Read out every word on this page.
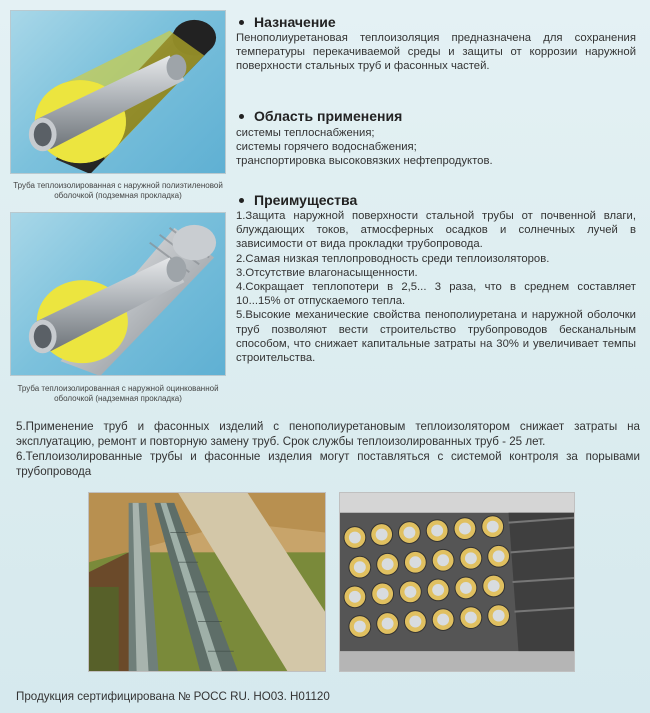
Труба теплоизолированная с наружной полиэтиленовой оболочкой (подземная прокладка)
Труба теплоизолированная с наружной оцинкованной оболочкой (надземная прокладка)
Назначение
Пенополиуретановая теплоизоляция предназначена для сохранения температуры перекачиваемой среды и защиты от коррозии наружной поверхности стальных труб и фасонных частей.
Область применения
системы теплоснабжения;
системы горячего водоснабжения;
транспортировка высоковязких нефтепродуктов.
Преимущества
1.Защита наружной поверхности стальной трубы от почвенной влаги, блуждающих токов, атмосферных осадков и солнечных лучей в зависимости от вида прокладки трубопровода.
2.Самая низкая теплопроводность среди теплоизоляторов.
3.Отсутствие влагонасыщенности.
4.Сокращает теплопотери в 2,5... 3 раза, что в среднем составляет 10...15% от отпускаемого тепла.
5.Высокие механические свойства пенополиуретана и наружной оболочки труб позволяют вести строительство трубопроводов бесканальным способом, что снижает капитальные затраты на 30% и увеличивает темпы строительства.
5.Применение труб и фасонных изделий с пенополиуретановым теплоизолятором снижает затраты на эксплуатацию, ремонт и повторную замену труб. Срок службы теплоизолированных труб - 25 лет.
6.Теплоизолированные трубы и фасонные изделия могут поставляться с системой контроля за порывами трубопровода
Продукция сертифицирована № РОСС RU. НО03. Н01120
